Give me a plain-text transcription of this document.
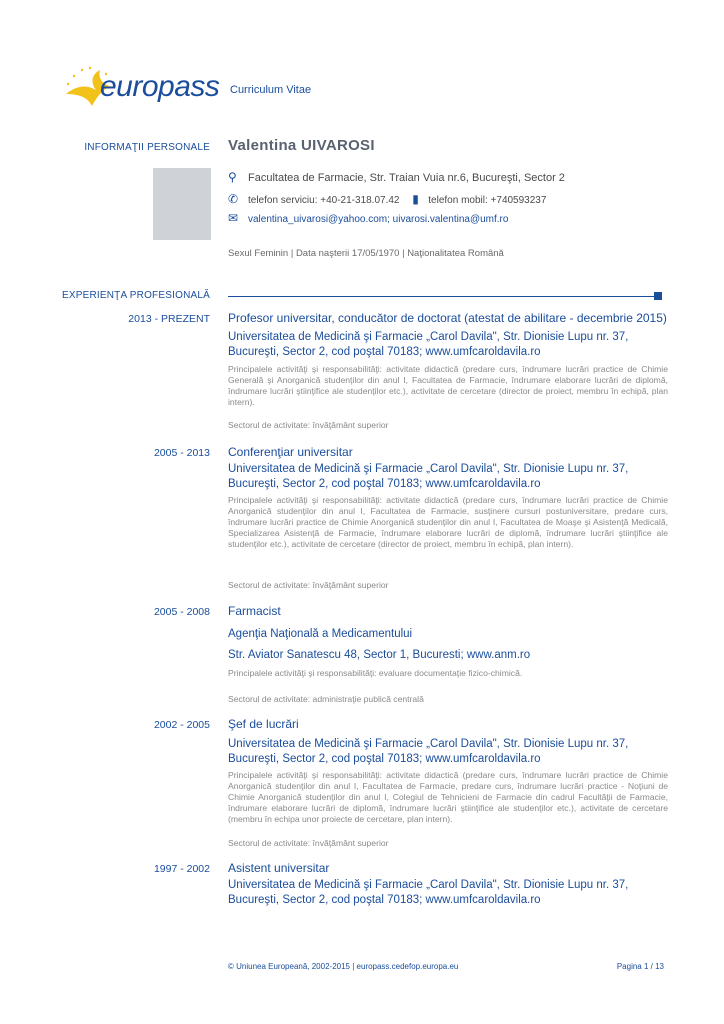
europass Curriculum Vitae
INFORMAŢII PERSONALE Valentina UIVAROSI
⚲ Facultatea de Farmacie, Str. Traian Vuia nr.6, Bucureşti, Sector 2
✆ telefon serviciu: +40-21-318.07.42 ▮ telefon mobil: +740593237
✉ valentina_uivarosi@yahoo.com; uivarosi.valentina@umf.ro
Sexul Feminin | Data naşterii 17/05/1970 | Naţionalitatea Română
EXPERIENŢA PROFESIONALĂ
2013 - PREZENT Profesor universitar, conducător de doctorat (atestat de abilitare - decembrie 2015)
Universitatea de Medicină şi Farmacie „Carol Davila", Str. Dionisie Lupu nr. 37, Bucureşti, Sector 2, cod poştal 70183; www.umfcaroldavila.ro
Principalele activităţi şi responsabilităţi: activitate didactică (predare curs, îndrumare lucrări practice de Chimie Generală şi Anorganică studenţilor din anul I, Facultatea de Farmacie, îndrumare elaborare lucrări de diplomă, îndrumare lucrări ştiinţifice ale studenţilor etc.), activitate de cercetare (director de proiect, membru în echipă, plan intern).
Sectorul de activitate: învăţământ superior
2005 - 2013 Conferenţiar universitar
Universitatea de Medicină şi Farmacie „Carol Davila", Str. Dionisie Lupu nr. 37, Bucureşti, Sector 2, cod poştal 70183; www.umfcaroldavila.ro
Principalele activităţi şi responsabilităţi: activitate didactică (predare curs, îndrumare lucrări practice de Chimie Anorganică studenţilor din anul I, Facultatea de Farmacie, susţinere cursuri postuniversitare, predare curs, îndrumare lucrări practice de Chimie Anorganică studenţilor din anul I, Facultatea de Moaşe şi Asistenţă Medicală, Specializarea Asistenţă de Farmacie, îndrumare elaborare lucrări de diplomă, îndrumare lucrări ştiinţifice ale studenţilor etc.), activitate de cercetare (director de proiect, membru în echipă, plan intern).
Sectorul de activitate: învăţământ superior
2005 - 2008 Farmacist
Agenţia Naţională a Medicamentului
Str. Aviator Sanatescu 48, Sector 1, Bucuresti; www.anm.ro
Principalele activităţi şi responsabilităţi: evaluare documentaţie fizico-chimică.
Sectorul de activitate: administraţie publică centrală
2002 - 2005 Şef de lucrări
Universitatea de Medicină şi Farmacie „Carol Davila", Str. Dionisie Lupu nr. 37, Bucureşti, Sector 2, cod poştal 70183; www.umfcaroldavila.ro
Principalele activităţi şi responsabilităţi: activitate didactică (predare curs, îndrumare lucrări practice de Chimie Anorganică studenţilor din anul I, Facultatea de Farmacie, predare curs, îndrumare lucrări practice - Noţiuni de Chimie Anorganică studenţilor din anul I, Colegiul de Tehnicieni de Farmacie din cadrul Facultăţii de Farmacie, îndrumare elaborare lucrări de diplomă, îndrumare lucrări ştiinţifice ale studenţilor etc.), activitate de cercetare (membru în echipa unor proiecte de cercetare, plan intern).
Sectorul de activitate: învăţământ superior
1997 - 2002 Asistent universitar
Universitatea de Medicină şi Farmacie „Carol Davila", Str. Dionisie Lupu nr. 37, Bucureşti, Sector 2, cod poştal 70183; www.umfcaroldavila.ro
© Uniunea Europeană, 2002-2015 | europass.cedefop.europa.eu	Pagina 1 / 13
